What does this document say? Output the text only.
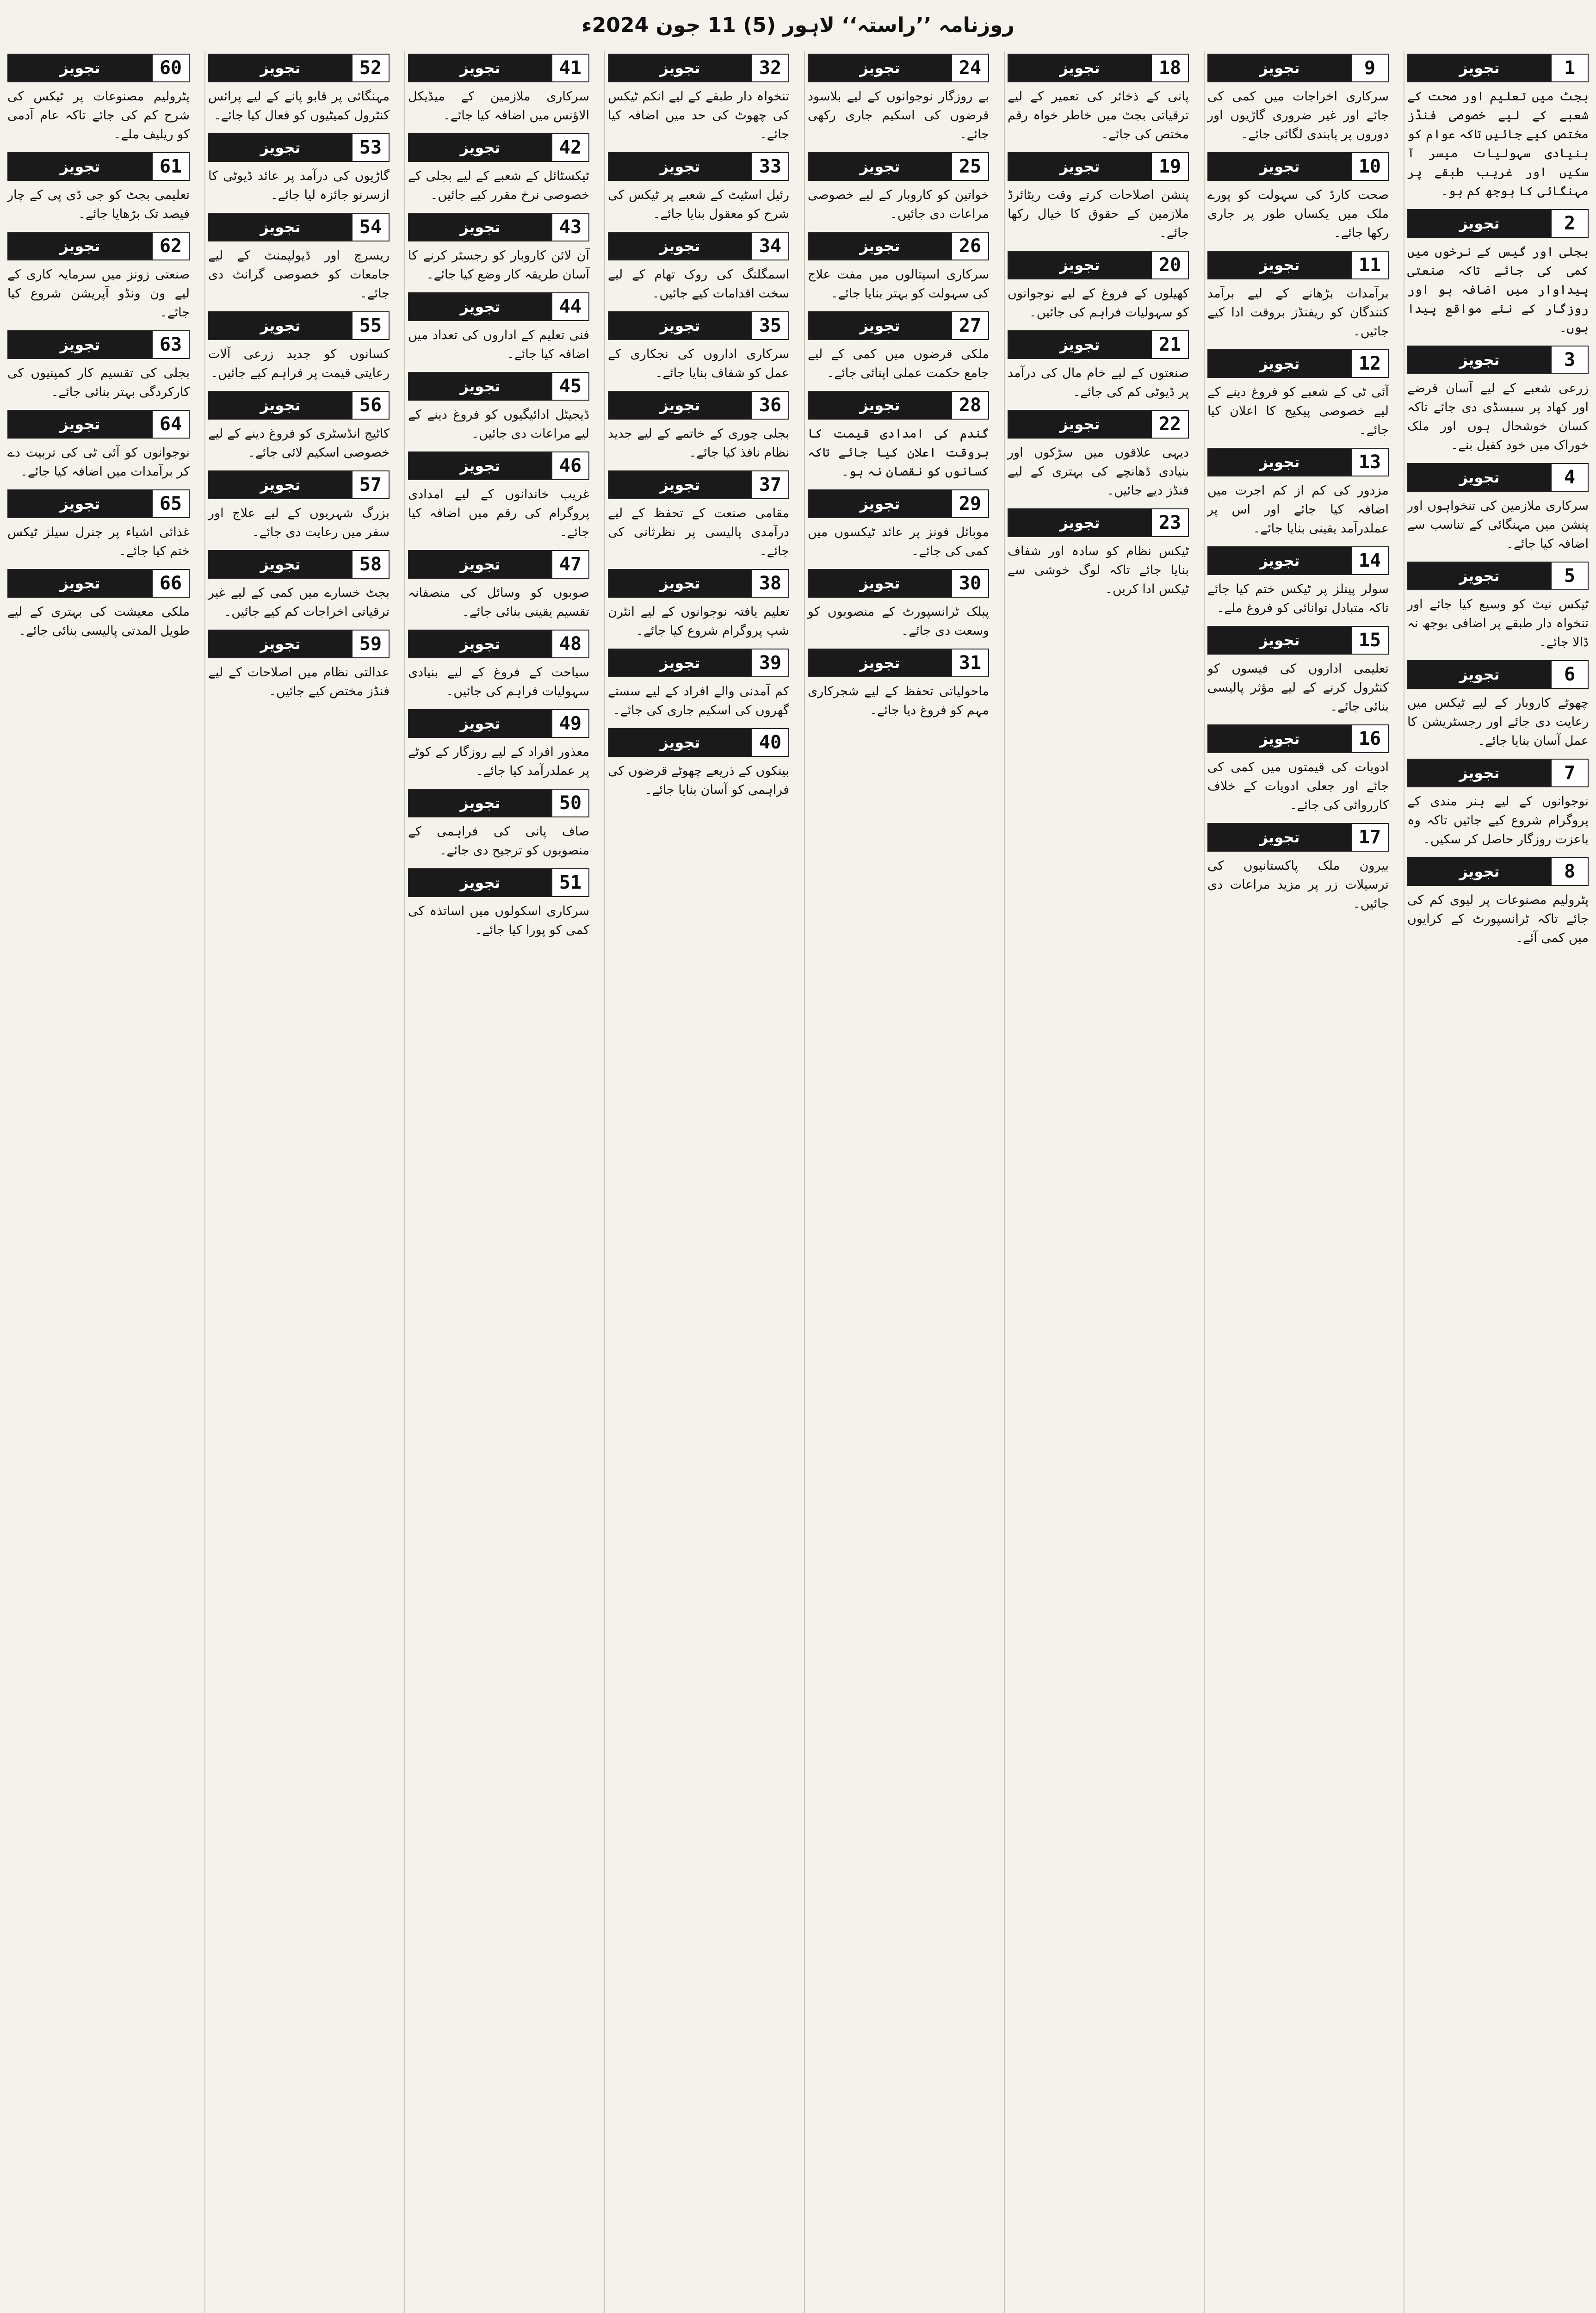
روزنامہ ’’راستہ‘‘ لاہور (5) 11 جون 2024ء
1
تجویز

بجٹ میں تعلیم اور صحت کے شعبے کے لیے خصوصی فنڈز مختص کیے جائیں تاکہ عوام کو بنیادی سہولیات میسر آ سکیں اور غریب طبقے پر مہنگائی کا بوجھ کم ہو۔

2
تجویز

بجلی اور گیس کے نرخوں میں کمی کی جائے تاکہ صنعتی پیداوار میں اضافہ ہو اور روزگار کے نئے مواقع پیدا ہوں۔

3
تجویز

زرعی شعبے کے لیے آسان قرضے اور کھاد پر سبسڈی دی جائے تاکہ کسان خوشحال ہوں اور ملک خوراک میں خود کفیل بنے۔

4
تجویز

سرکاری ملازمین کی تنخواہوں اور پنشن میں مہنگائی کے تناسب سے اضافہ کیا جائے۔

5
تجویز

ٹیکس نیٹ کو وسیع کیا جائے اور تنخواہ دار طبقے پر اضافی بوجھ نہ ڈالا جائے۔

6
تجویز

چھوٹے کاروبار کے لیے ٹیکس میں رعایت دی جائے اور رجسٹریشن کا عمل آسان بنایا جائے۔

7
تجویز

نوجوانوں کے لیے ہنر مندی کے پروگرام شروع کیے جائیں تاکہ وہ باعزت روزگار حاصل کر سکیں۔

8
تجویز

پٹرولیم مصنوعات پر لیوی کم کی جائے تاکہ ٹرانسپورٹ کے کرایوں میں کمی آئے۔

9
تجویز

سرکاری اخراجات میں کمی کی جائے اور غیر ضروری گاڑیوں اور دوروں پر پابندی لگائی جائے۔

10
تجویز

صحت کارڈ کی سہولت کو پورے ملک میں یکساں طور پر جاری رکھا جائے۔

11
تجویز

برآمدات بڑھانے کے لیے برآمد کنندگان کو ریفنڈز بروقت ادا کیے جائیں۔

12
تجویز

آئی ٹی کے شعبے کو فروغ دینے کے لیے خصوصی پیکیج کا اعلان کیا جائے۔

13
تجویز

مزدور کی کم از کم اجرت میں اضافہ کیا جائے اور اس پر عملدرآمد یقینی بنایا جائے۔

14
تجویز

سولر پینلز پر ٹیکس ختم کیا جائے تاکہ متبادل توانائی کو فروغ ملے۔

15
تجویز

تعلیمی اداروں کی فیسوں کو کنٹرول کرنے کے لیے مؤثر پالیسی بنائی جائے۔

16
تجویز

ادویات کی قیمتوں میں کمی کی جائے اور جعلی ادویات کے خلاف کارروائی کی جائے۔

17
تجویز

بیرون ملک پاکستانیوں کی ترسیلات زر پر مزید مراعات دی جائیں۔

18
تجویز

پانی کے ذخائر کی تعمیر کے لیے ترقیاتی بجٹ میں خاطر خواہ رقم مختص کی جائے۔

19
تجویز

پنشن اصلاحات کرتے وقت ریٹائرڈ ملازمین کے حقوق کا خیال رکھا جائے۔

20
تجویز

کھیلوں کے فروغ کے لیے نوجوانوں کو سہولیات فراہم کی جائیں۔

21
تجویز

صنعتوں کے لیے خام مال کی درآمد پر ڈیوٹی کم کی جائے۔

22
تجویز

دیہی علاقوں میں سڑکوں اور بنیادی ڈھانچے کی بہتری کے لیے فنڈز دیے جائیں۔

23
تجویز

ٹیکس نظام کو سادہ اور شفاف بنایا جائے تاکہ لوگ خوشی سے ٹیکس ادا کریں۔

24
تجویز

بے روزگار نوجوانوں کے لیے بلاسود قرضوں کی اسکیم جاری رکھی جائے۔

25
تجویز

خواتین کو کاروبار کے لیے خصوصی مراعات دی جائیں۔

26
تجویز

سرکاری اسپتالوں میں مفت علاج کی سہولت کو بہتر بنایا جائے۔

27
تجویز

ملکی قرضوں میں کمی کے لیے جامع حکمت عملی اپنائی جائے۔

28
تجویز

گندم کی امدادی قیمت کا بروقت اعلان کیا جائے تاکہ کسانوں کو نقصان نہ ہو۔

29
تجویز

موبائل فونز پر عائد ٹیکسوں میں کمی کی جائے۔

30
تجویز

پبلک ٹرانسپورٹ کے منصوبوں کو وسعت دی جائے۔

31
تجویز

ماحولیاتی تحفظ کے لیے شجرکاری مہم کو فروغ دیا جائے۔

32
تجویز

تنخواہ دار طبقے کے لیے انکم ٹیکس کی چھوٹ کی حد میں اضافہ کیا جائے۔

33
تجویز

رئیل اسٹیٹ کے شعبے پر ٹیکس کی شرح کو معقول بنایا جائے۔

34
تجویز

اسمگلنگ کی روک تھام کے لیے سخت اقدامات کیے جائیں۔

35
تجویز

سرکاری اداروں کی نجکاری کے عمل کو شفاف بنایا جائے۔

36
تجویز

بجلی چوری کے خاتمے کے لیے جدید نظام نافذ کیا جائے۔

37
تجویز

مقامی صنعت کے تحفظ کے لیے درآمدی پالیسی پر نظرثانی کی جائے۔

38
تجویز

تعلیم یافتہ نوجوانوں کے لیے انٹرن شپ پروگرام شروع کیا جائے۔

39
تجویز

کم آمدنی والے افراد کے لیے سستے گھروں کی اسکیم جاری کی جائے۔

40
تجویز

بینکوں کے ذریعے چھوٹے قرضوں کی فراہمی کو آسان بنایا جائے۔

41
تجویز

سرکاری ملازمین کے میڈیکل الاؤنس میں اضافہ کیا جائے۔

42
تجویز

ٹیکسٹائل کے شعبے کے لیے بجلی کے خصوصی نرخ مقرر کیے جائیں۔

43
تجویز

آن لائن کاروبار کو رجسٹر کرنے کا آسان طریقہ کار وضع کیا جائے۔

44
تجویز

فنی تعلیم کے اداروں کی تعداد میں اضافہ کیا جائے۔

45
تجویز

ڈیجیٹل ادائیگیوں کو فروغ دینے کے لیے مراعات دی جائیں۔

46
تجویز

غریب خاندانوں کے لیے امدادی پروگرام کی رقم میں اضافہ کیا جائے۔

47
تجویز

صوبوں کو وسائل کی منصفانہ تقسیم یقینی بنائی جائے۔

48
تجویز

سیاحت کے فروغ کے لیے بنیادی سہولیات فراہم کی جائیں۔

49
تجویز

معذور افراد کے لیے روزگار کے کوٹے پر عملدرآمد کیا جائے۔

50
تجویز

صاف پانی کی فراہمی کے منصوبوں کو ترجیح دی جائے۔

51
تجویز

سرکاری اسکولوں میں اساتذہ کی کمی کو پورا کیا جائے۔

52
تجویز

مہنگائی پر قابو پانے کے لیے پرائس کنٹرول کمیٹیوں کو فعال کیا جائے۔

53
تجویز

گاڑیوں کی درآمد پر عائد ڈیوٹی کا ازسرنو جائزہ لیا جائے۔

54
تجویز

ریسرچ اور ڈیولپمنٹ کے لیے جامعات کو خصوصی گرانٹ دی جائے۔

55
تجویز

کسانوں کو جدید زرعی آلات رعایتی قیمت پر فراہم کیے جائیں۔

56
تجویز

کاٹیج انڈسٹری کو فروغ دینے کے لیے خصوصی اسکیم لائی جائے۔

57
تجویز

بزرگ شہریوں کے لیے علاج اور سفر میں رعایت دی جائے۔

58
تجویز

بجٹ خسارے میں کمی کے لیے غیر ترقیاتی اخراجات کم کیے جائیں۔

59
تجویز

عدالتی نظام میں اصلاحات کے لیے فنڈز مختص کیے جائیں۔

60
تجویز

پٹرولیم مصنوعات پر ٹیکس کی شرح کم کی جائے تاکہ عام آدمی کو ریلیف ملے۔

61
تجویز

تعلیمی بجٹ کو جی ڈی پی کے چار فیصد تک بڑھایا جائے۔

62
تجویز

صنعتی زونز میں سرمایہ کاری کے لیے ون ونڈو آپریشن شروع کیا جائے۔

63
تجویز

بجلی کی تقسیم کار کمپنیوں کی کارکردگی بہتر بنائی جائے۔

64
تجویز

نوجوانوں کو آئی ٹی کی تربیت دے کر برآمدات میں اضافہ کیا جائے۔

65
تجویز

غذائی اشیاء پر جنرل سیلز ٹیکس ختم کیا جائے۔

66
تجویز

ملکی معیشت کی بہتری کے لیے طویل المدتی پالیسی بنائی جائے۔
